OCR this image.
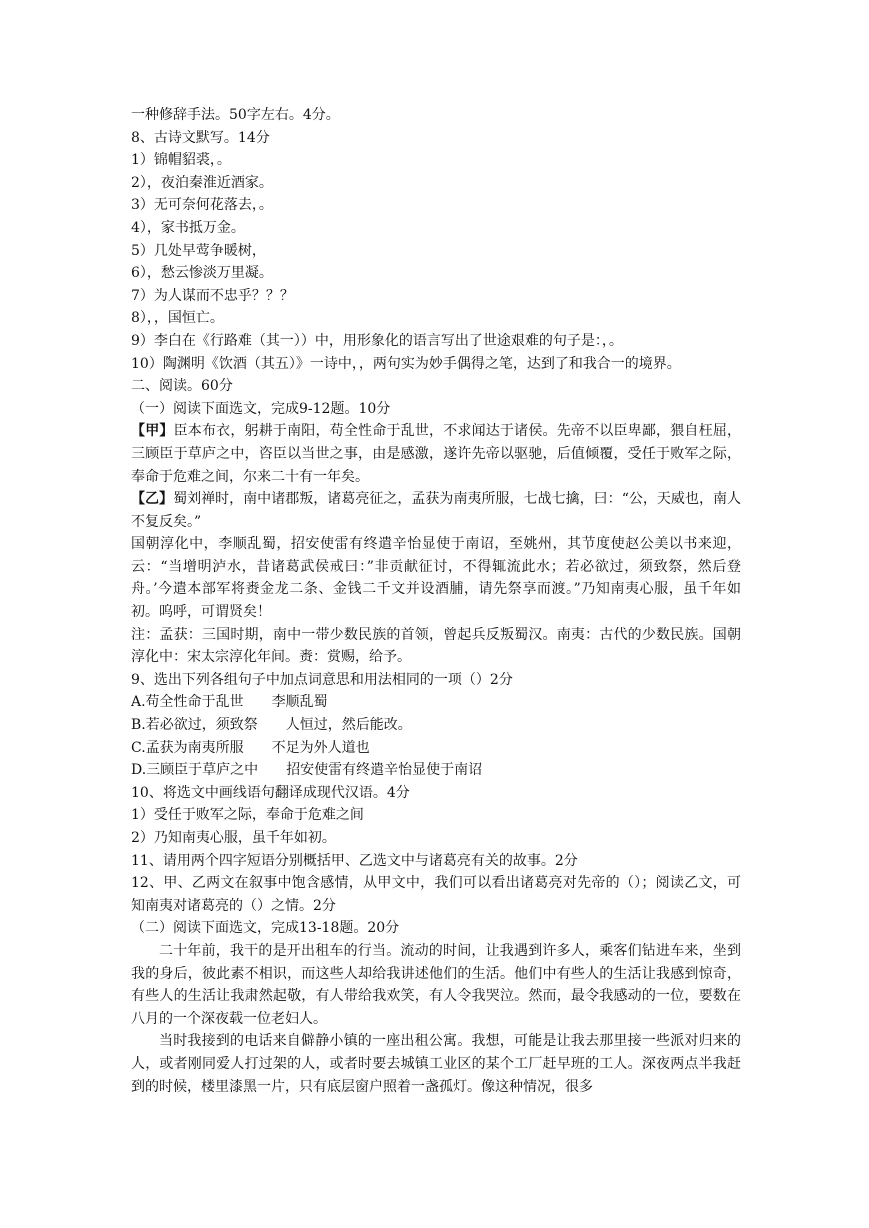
一种修辞手法。50字左右。4分。

8、古诗文默写。14分

1）锦帽貂裘，。

2），夜泊秦淮近酒家。

3）无可奈何花落去，。

4），家书抵万金。

5）几处早莺争暖树，

6），愁云惨淡万里凝。

7）为人谋而不忠乎？？？

8），，国恒亡。

9）李白在《行路难（其一））中，用形象化的语言写出了世途艰难的句子是：，。

10）陶渊明《饮酒（其五）》一诗中，，两句实为妙手偶得之笔，达到了和我合一的境界。

二、阅读。60分

（一）阅读下面选文，完成9-12题。10分

【甲】臣本布衣，躬耕于南阳，苟全性命于乱世，不求闻达于诸侯。先帝不以臣卑鄙，猥自枉屈，三顾臣于草庐之中，咨臣以当世之事，由是感激，遂许先帝以驱驰，后值倾覆，受任于败军之际，奉命于危难之间，尔来二十有一年矣。

【乙】蜀刘禅时，南中诸郡叛，诸葛亮征之，孟获为南夷所服，七战七擒，曰：“公，天威也，南人不复反矣。”

国朝淳化中，李顺乱蜀，招安使雷有终遣辛怡显使于南诏，至姚州，其节度使赵公美以书来迎，云：“当增明泸水，昔诸葛武侯戒曰：”非贡献征讨，不得辄流此水；若必欲过，须致祭，然后登舟。’今遣本部军将赉金龙二条、金钱二千文并设酒脯，请先祭享而渡。”乃知南夷心服，虽千年如初。呜呼，可谓贤矣！

注：孟获：三国时期，南中一带少数民族的首领，曾起兵反叛蜀汉。南夷：古代的少数民族。国朝淳化中：宋太宗淳化年间。赉：赏赐，给予。

9、选出下列各组句子中加点词意思和用法相同的一项（）2分

A.苟全性命于乱世 李顺乱蜀

B.若必欲过，须致祭 人恒过，然后能改。

C.孟获为南夷所服 不足为外人道也

D.三顾臣于草庐之中 招安使雷有终遣辛怡显使于南诏

10、将选文中画线语句翻译成现代汉语。4分

1）受任于败军之际，奉命于危难之间

2）乃知南夷心服，虽千年如初。

11、请用两个四字短语分别概括甲、乙选文中与诸葛亮有关的故事。2分

12、甲、乙两文在叙事中饱含感情，从甲文中，我们可以看出诸葛亮对先帝的（）；阅读乙文，可知南夷对诸葛亮的（）之情。2分

（二）阅读下面选文，完成13-18题。20分

二十年前，我干的是开出租车的行当。流动的时间，让我遇到许多人，乘客们钻进车来，坐到我的身后，彼此素不相识，而这些人却给我讲述他们的生活。他们中有些人的生活让我感到惊奇，有些人的生活让我肃然起敬，有人带给我欢笑，有人令我哭泣。然而，最令我感动的一位，要数在八月的一个深夜载一位老妇人。

当时我接到的电话来自僻静小镇的一座出租公寓。我想，可能是让我去那里接一些派对归来的人，或者刚同爱人打过架的人，或者时要去城镇工业区的某个工厂赶早班的工人。深夜两点半我赶到的时候，楼里漆黑一片，只有底层窗户照着一盏孤灯。像这种情况，很多
